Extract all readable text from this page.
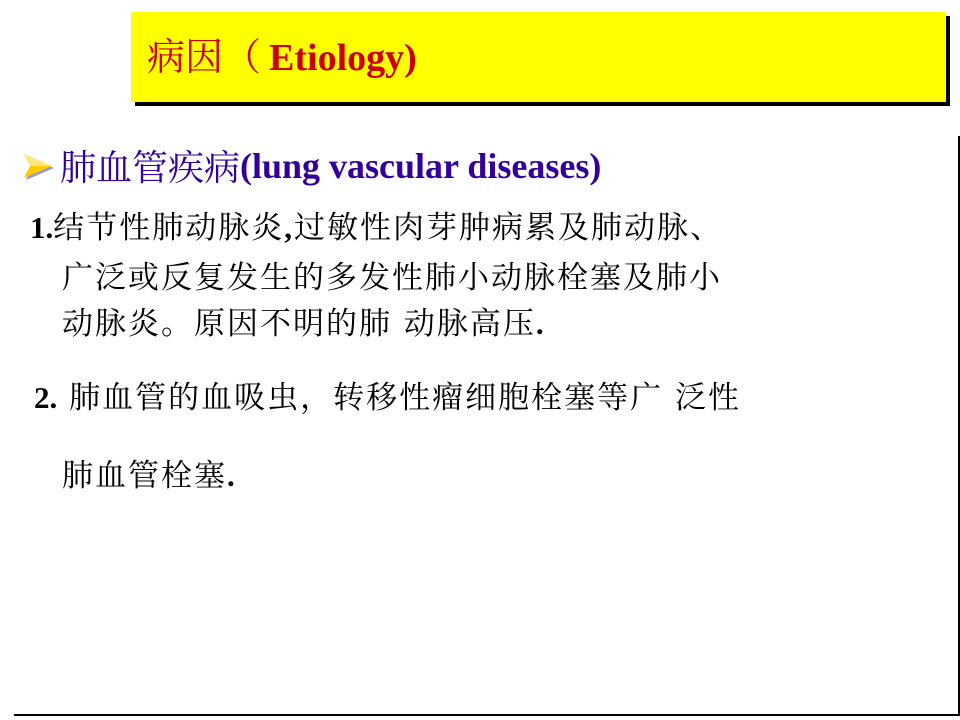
病因（ Etiology)
肺血管疾病 (lung vascular diseases)
1.结节性肺动脉炎,过敏性肉芽肿病累及肺动脉、
广泛或反复发生的多发性肺小动脉栓塞及肺小
动脉炎。原因不明的肺 动脉高压.
2. 肺血管的血吸虫，转移性瘤细胞栓塞等广 泛性
肺血管栓塞.
